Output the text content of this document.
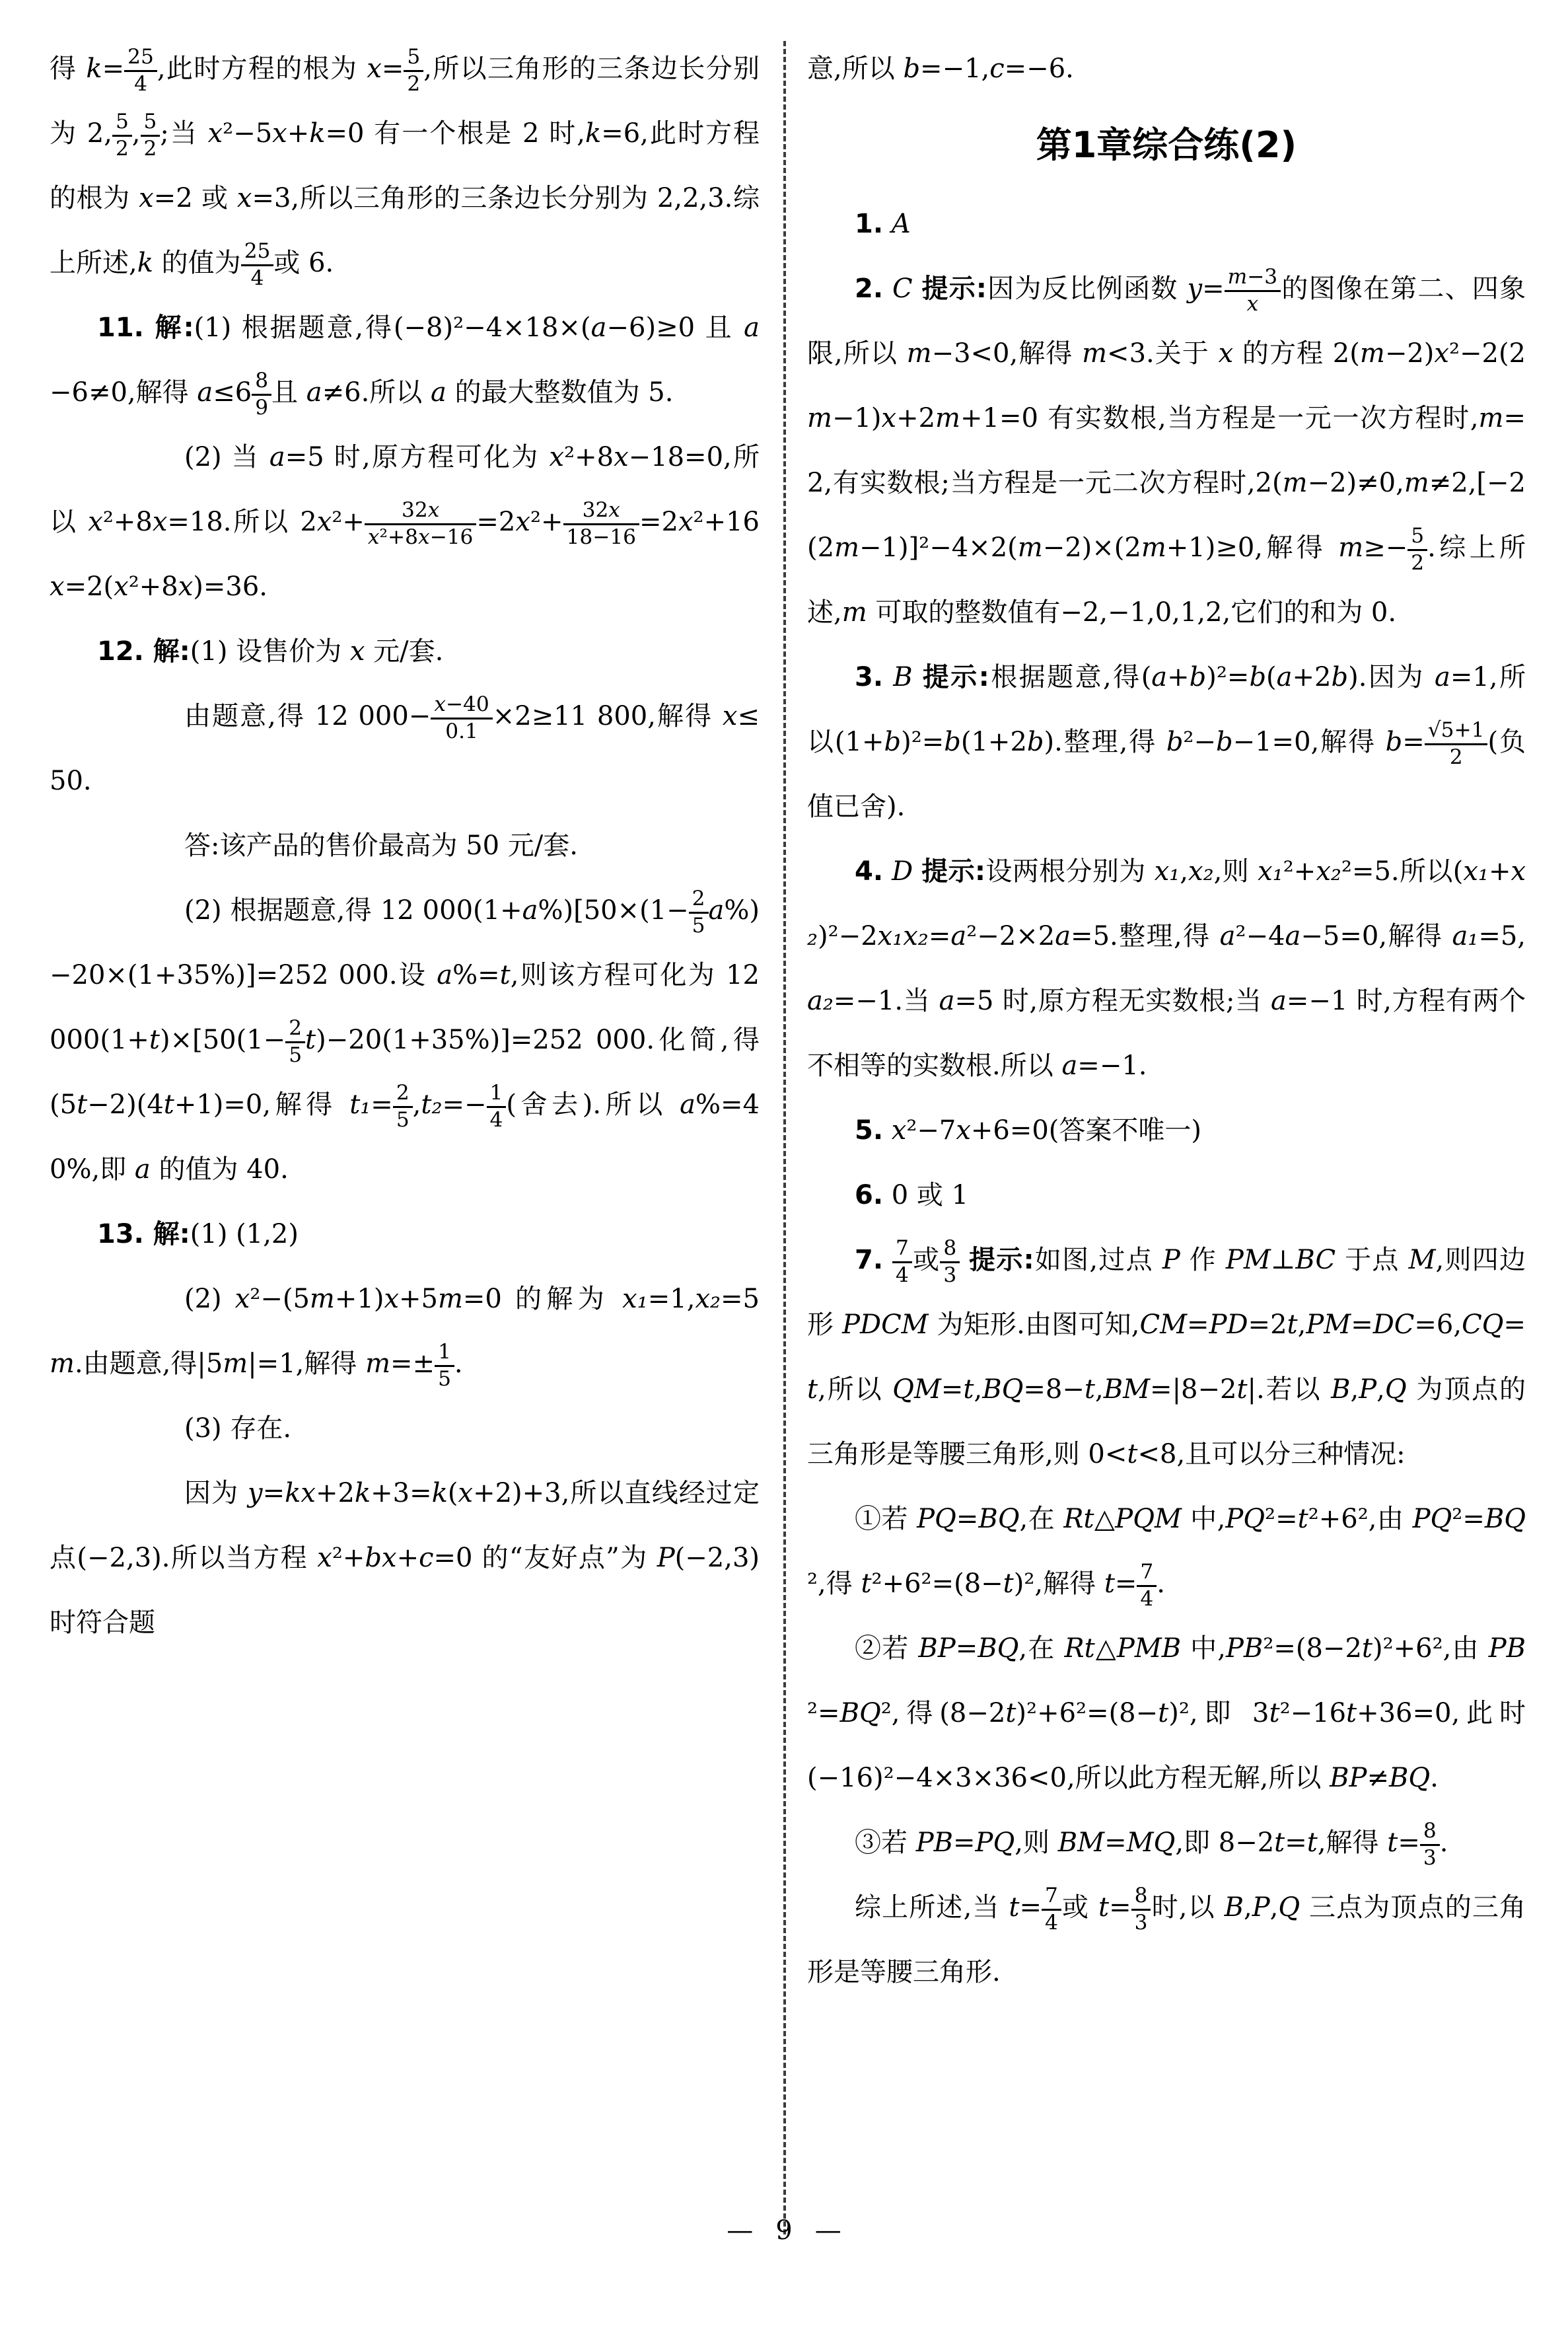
得 $k= \frac{25}{4}$ ,此时方程的根为 $x= \frac{5}{2}$ ,所以三角形的三条边长分别为 2, $\frac{5}{2}$ , $\frac{5}{2}$ ;当 x²−5x+k=0 有一个根是 2 时,k=6,此时方程的根为 x=2 或 x=3,所以三角形的三条边长分别为 2,2,3.综上所述,k 的值为 $\frac{25}{4}$ 或 6.

11. 解:(1) 根据题意,得(−8)²−4×18×(a−6)≥0 且 a−6≠0,解得 $a\le 6 \frac{8}{9}$ 且 a≠6.所以 a 的最大整数值为 5.

(2) 当 a=5 时,原方程可化为 x²+8x−18=0,所以 x²+8x=18.所以 $2x^2+ \frac{32x}{\text{x²+8x−16}} =2x^2+ \frac{32x}{18-16} =2x^2+16x=2(x^2+8x)=36$.

12. 解:(1) 设售价为 x 元/套.

由题意,得 12 $000- \frac{x-40}{0.1} \times 2\ge 11$ 800,解得 x≤50.

答:该产品的售价最高为 50 元/套.

(2) 根据题意,得 12 $000(1+a\%)[50\times(1- \frac{2}{5} a\%)-20\times(1+35\%)]=252$ 000.设 a%=t,则该方程可化为 12 $000(1+t)\times[50(1- \frac{2}{5} t)-20(1+35\%)]=252$ 000.化简,得(5t−2)(4t+1)=0,解得 $t_1= \frac{2}{5} ,t_2=- \frac{1}{4}$ (舍去).所以 a%=40%,即 a 的值为 40.

13. 解:(1) (1,2)

(2) x²−(5m+1)x+5m=0 的解为 x₁=1,x₂=5m.由题意,得|5m|=1,解得 $m=\pm \frac{1}{5}$ .

(3) 存在.

因为 y=kx+2k+3=k(x+2)+3,所以直线经过定点(−2,3).所以当方程 x²+bx+c=0 的“友好点”为 P(−2,3)时符合题

意,所以 b=−1,c=−6.

第1章综合练(2)

1. A

2. C 提示:因为反比例函数 $y= \frac{m-3}{x}$ 的图像在第二、四象限,所以 m−3<0,解得 m<3.关于 x 的方程 2(m−2)x²−2(2m−1)x+2m+1=0 有实数根,当方程是一元一次方程时,m=2,有实数根;当方程是一元二次方程时,2(m−2)≠0,m≠2,[−2(2m−1)]²−4×2(m−2)×(2m+1)≥0,解得 $m\ge- \frac{5}{2}$ .综上所述,m 可取的整数值有−2,−1,0,1,2,它们的和为 0.

3. B 提示:根据题意,得(a+b)²=b(a+2b).因为 a=1,所以(1+b)²=b(1+2b).整理,得 b²−b−1=0,解得 $b= \frac{√5+1}{2}$ (负值已舍).

4. D 提示:设两根分别为 x₁,x₂,则 x₁²+x₂²=5.所以(x₁+x₂)²−2x₁x₂=a²−2×2a=5.整理,得 a²−4a−5=0,解得 a₁=5,a₂=−1.当 a=5 时,原方程无实数根;当 a=−1 时,方程有两个不相等的实数根.所以 a=−1.

5. x²−7x+6=0(答案不唯一)

6. 0 或 1

7. $\frac{7}{4}$ 或 $\frac{8}{3}$ 提示:如图,过点 P 作 PM⊥BC 于点 M,则四边形 PDCM 为矩形.由图可知,CM=PD=2t,PM=DC=6,CQ=t,所以 QM=t,BQ=8−t,BM=|8−2t|.若以 B,P,Q 为顶点的三角形是等腰三角形,则 0<t<8,且可以分三种情况:

①若 PQ=BQ,在 Rt△PQM 中,PQ²=t²+6²,由 PQ²=BQ²,得 t²+6²=(8−t)²,解得 $t= \frac{7}{4}$ .

②若 BP=BQ,在 Rt△PMB 中,PB²=(8−2t)²+6²,由 PB²=BQ²,得(8−2t)²+6²=(8−t)²,即 3t²−16t+36=0,此时(−16)²−4×3×36<0,所以此方程无解,所以 BP≠BQ.

③若 PB=PQ,则 BM=MQ,即 8−2t=t,解得 $t= \frac{8}{3}$ .

综上所述,当 $t= \frac{7}{4}$ 或 $t= \frac{8}{3}$ 时,以 B,P,Q 三点为顶点的三角形是等腰三角形.

— 9 —
